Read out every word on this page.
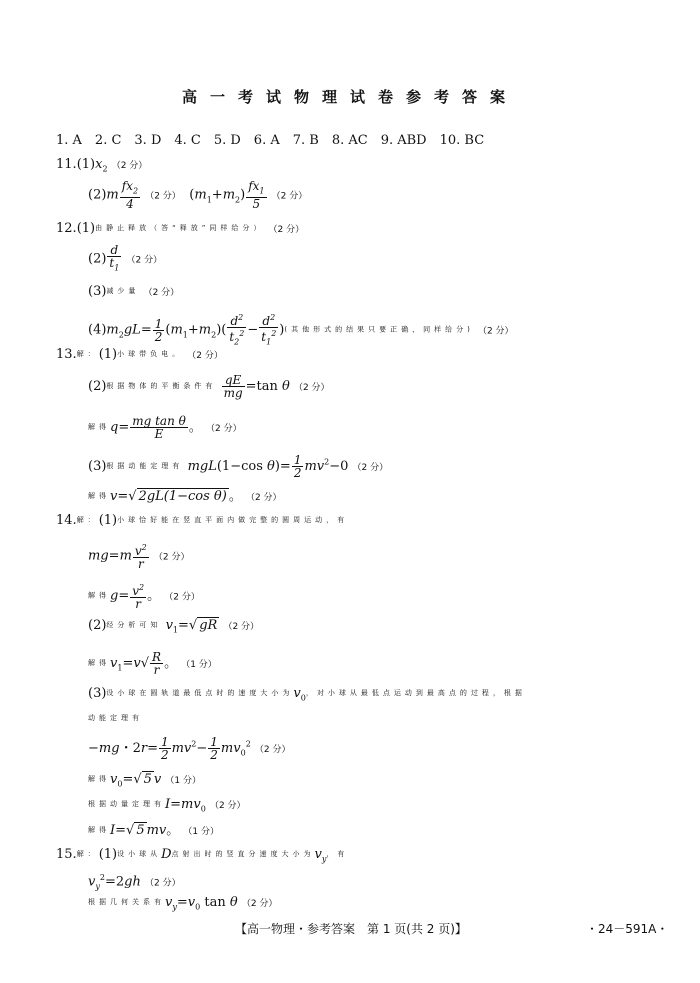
高一考试物理试卷参考答案
1. A　2. C　3. D　4. C　5. D　6. A　7. B　8. AC　9. ABD　10. BC
$11.(1)x_2$ （2 分）
$(2)m \frac{fx_2}{4} (2$ 分）　$(m_1+m_2) \frac{fx_1}{5} (2$ 分）
12.(1)由静止释放（答“释放”同样给分） （2 分）
$(2) \frac{d}{t_1} (2$ 分）
(3)减少量 （2 分）
$(4)m_2gL= \frac{1}{2} (m_1+m_2)( \frac{d^2}{t_2^2} - \frac{d^2}{t_1^2}$ )(其他形式的结果只要正确，同样给分) （2 分）
13.解：(1)小球带负电。 （2 分）
(2)根据物体的平衡条件有 $\frac{qE}{mg} =\tan$ θ （2 分）
解得$q= \frac{\text{mg tan θ}}{E}$ 。 （2 分）
(3)根据动能定理有 mgL(1−cos $\theta)= \frac{1}{2} mv^2-0$ （2 分）
解得v=√ 2gL(1−cos θ) 。 （2 分）
14.解：(1)小球恰好能在竖直平面内做完整的圆周运动，有
$mg=m \frac{v^2}{r} (2$ 分）
解得$g= \frac{v^2}{r}$ 。 （2 分）
(2)经分析可知 $v_1=√$ gR （2 分）
解得$v_1=v√ \frac{R}{r}$ 。 （1 分）
(3)设小球在圆轨道最低点时的速度大小为$v_0$，对小球从最低点运动到最高点的过程，根据
动能定理有
−mg・$2r= \frac{1}{2} mv^2- \frac{1}{2} mv_0^2$ （2 分）
解得$v_0=√$ 5 v （1 分）
根据动量定理有$I=mv_0$ （2 分）
解得I=√ 5 mv。 （1 分）
15.解：(1)设小球从D点射出时的竖直分速度大小为$v_y$，有
$v_y^2=2gh$ （2 分）
根据几何关系有$v_y=v_0$ tan θ （2 分）
【高一物理・参考答案　第 1 页(共 2 页)】	・24－591A・
